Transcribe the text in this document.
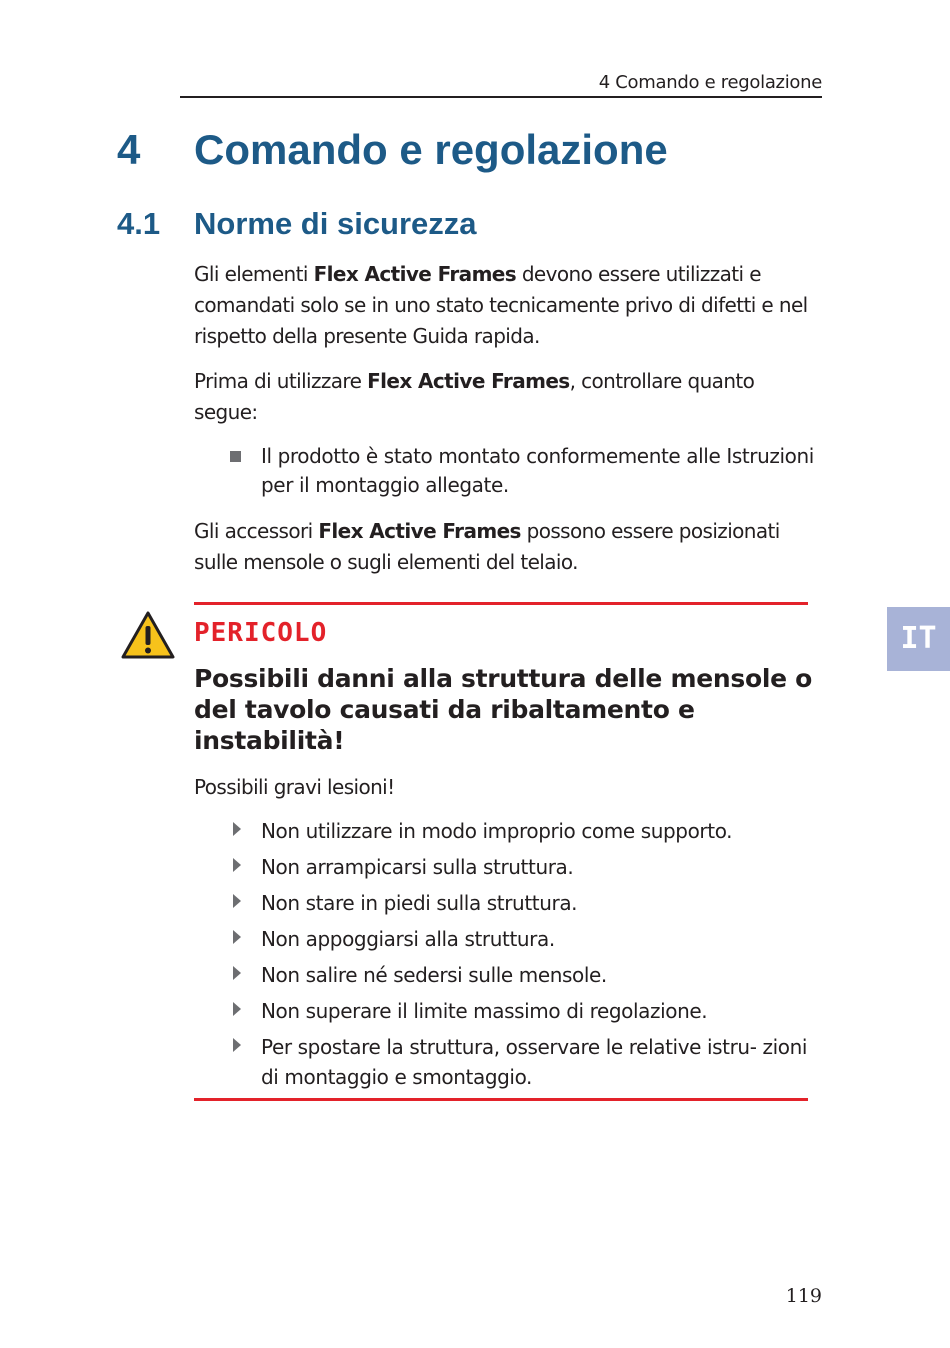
4 Comando e regolazione
4 Comando e regolazione
4.1 Norme di sicurezza
Gli elementi Flex Active Frames devono essere utilizzati e comandati solo se in uno stato tecnicamente privo di difetti e nel rispetto della presente Guida rapida.
Prima di utilizzare Flex Active Frames, controllare quanto segue:
Il prodotto è stato montato conformemente alle Istruzioni per il montaggio allegate.
Gli accessori Flex Active Frames possono essere posizionati sulle mensole o sugli elementi del telaio.
PERICOLO
Possibili danni alla struttura delle mensole o del tavolo causati da ribaltamento e instabilità!
Possibili gravi lesioni!
Non utilizzare in modo improprio come supporto.
Non arrampicarsi sulla struttura.
Non stare in piedi sulla struttura.
Non appoggiarsi alla struttura.
Non salire né sedersi sulle mensole.
Non superare il limite massimo di regolazione.
Per spostare la struttura, osservare le relative istru- zioni di montaggio e smontaggio.
IT
119
